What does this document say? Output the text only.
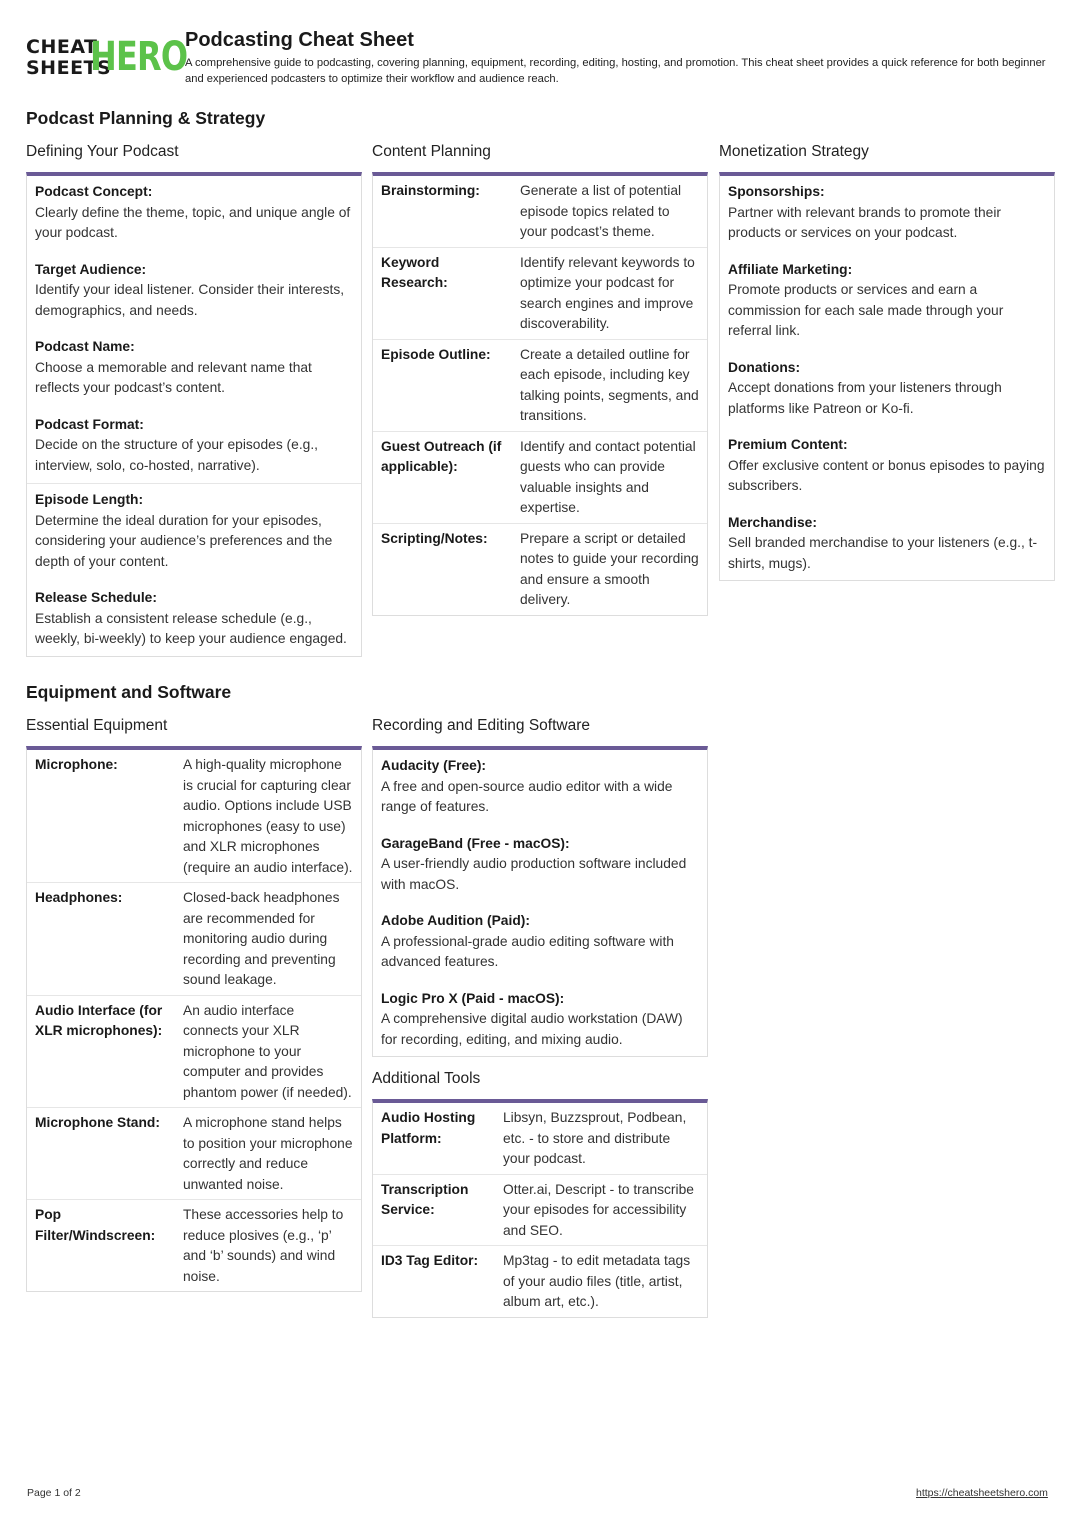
CHEAT
SHEETS
HERO
Podcasting Cheat Sheet
A comprehensive guide to podcasting, covering planning, equipment, recording, editing, hosting, and promotion. This cheat sheet provides a quick reference for both beginner and experienced podcasters to optimize their workflow and audience reach.
Podcast Planning & Strategy
Defining Your Podcast
Podcast Concept:
Clearly define the theme, topic, and unique angle of your podcast.
Target Audience:
Identify your ideal listener. Consider their interests, demographics, and needs.
Podcast Name:
Choose a memorable and relevant name that reflects your podcast’s content.
Podcast Format:
Decide on the structure of your episodes (e.g., interview, solo, co-hosted, narrative).
Episode Length:
Determine the ideal duration for your episodes, considering your audience’s preferences and the depth of your content.
Release Schedule:
Establish a consistent release schedule (e.g., weekly, bi-weekly) to keep your audience engaged.
Content Planning
Brainstorming:	Generate a list of potential episode topics related to your podcast’s theme.
Keyword Research:	Identify relevant keywords to optimize your podcast for search engines and improve discoverability.
Episode Outline:	Create a detailed outline for each episode, including key talking points, segments, and transitions.
Guest Outreach (if applicable):	Identify and contact potential guests who can provide valuable insights and expertise.
Scripting/Notes:	Prepare a script or detailed notes to guide your recording and ensure a smooth delivery.
Monetization Strategy
Sponsorships:
Partner with relevant brands to promote their products or services on your podcast.
Affiliate Marketing:
Promote products or services and earn a commission for each sale made through your referral link.
Donations:
Accept donations from your listeners through platforms like Patreon or Ko-fi.
Premium Content:
Offer exclusive content or bonus episodes to paying subscribers.
Merchandise:
Sell branded merchandise to your listeners (e.g., t-shirts, mugs).
Equipment and Software
Essential Equipment
Microphone:	A high-quality microphone is crucial for capturing clear audio. Options include USB microphones (easy to use) and XLR microphones (require an audio interface).
Headphones:	Closed-back headphones are recommended for monitoring audio during recording and preventing sound leakage.
Audio Interface (for XLR microphones):	An audio interface connects your XLR microphone to your computer and provides phantom power (if needed).
Microphone Stand:	A microphone stand helps to position your microphone correctly and reduce unwanted noise.
Pop Filter/Windscreen:	These accessories help to reduce plosives (e.g., ‘p’ and ‘b’ sounds) and wind noise.
Recording and Editing Software
Audacity (Free):
A free and open-source audio editor with a wide range of features.
GarageBand (Free - macOS):
A user-friendly audio production software included with macOS.
Adobe Audition (Paid):
A professional-grade audio editing software with advanced features.
Logic Pro X (Paid - macOS):
A comprehensive digital audio workstation (DAW) for recording, editing, and mixing audio.
Additional Tools
Audio Hosting Platform:	Libsyn, Buzzsprout, Podbean, etc. - to store and distribute your podcast.
Transcription Service:	Otter.ai, Descript - to transcribe your episodes for accessibility and SEO.
ID3 Tag Editor:	Mp3tag - to edit metadata tags of your audio files (title, artist, album art, etc.).
Page 1 of 2	https://cheatsheetshero.com
